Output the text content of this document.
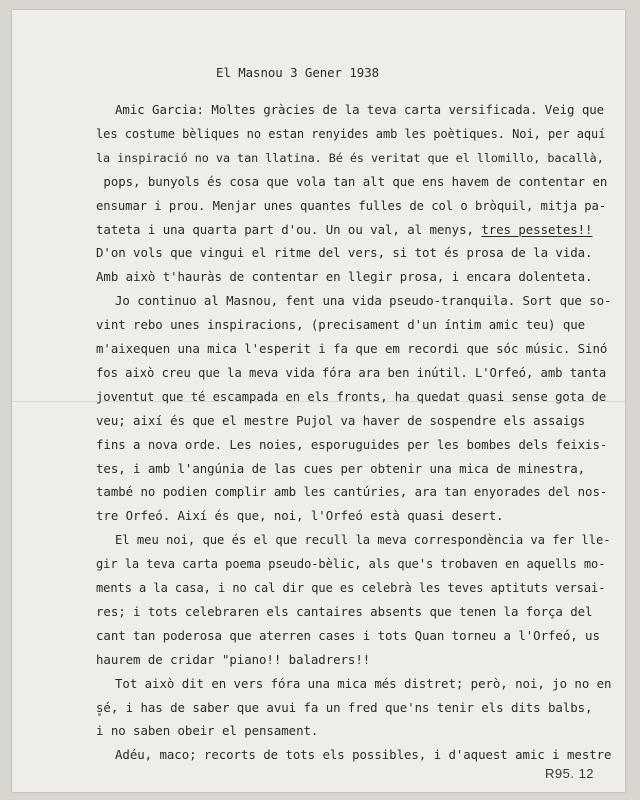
El Masnou 3 Gener 1938

Amic Garcia: Moltes gràcies de la teva carta versificada. Veig que

les costume bèliques no estan renyides amb les poètiques. Noi, per aquí

la inspiració no va tan llatina. Bé és veritat que el llomillo, bacallà,

pops, bunyols és cosa que vola tan alt que ens havem de contentar en

ensumar i prou. Menjar unes quantes fulles de col o bròquil, mitja pa-

tateta i una quarta part d'ou. Un ou val, al menys, tres pessetes!!

D'on vols que vingui el ritme del vers, si tot és prosa de la vida.

Amb això t'hauràs de contentar en llegir prosa, i encara dolenteta.

Jo continuo al Masnou, fent una vida pseudo-tranquila. Sort que so-

vint rebo unes inspiracions, (precisament d'un íntim amic teu) que

m'aixequen una mica l'esperit i fa que em recordi que sóc músic. Sinó

fos això creu que la meva vida fóra ara ben inútil. L'Orfeó, amb tanta

joventut que té escampada en els fronts, ha quedat quasi sense gota de

veu; així és que el mestre Pujol va haver de sospendre els assaigs

fins a nova orde. Les noies, esporuguides per les bombes dels feixis-

tes, i amb l'angúnia de las cues per obtenir una mica de minestra,

també no podien complir amb les cantúries, ara tan enyorades del nos-

tre Orfeó. Així és que, noi, l'Orfeó està quasi desert.

El meu noi, que és el que recull la meva correspondència va fer lle-

gir la teva carta poema pseudo-bèlic, als que's trobaven en aquells mo-

ments a la casa, i no cal dir que es celebrà les teves aptituts versai-

res; i tots celebraren els cantaires absents que tenen la força del

cant tan poderosa que aterren cases i tots Quan torneu a l'Orfeó, us

haurem de cridar "piano!! baladrers!!

Tot això dit en vers fóra una mica més distret; però, noi, jo no en

sé, i has de saber que avui fa un fred que'ns tenir els dits balbs,

i no saben obeir el pensament.

Adéu, maco; recorts de tots els possibles, i d'aquest amic i mestre

R95. 12
